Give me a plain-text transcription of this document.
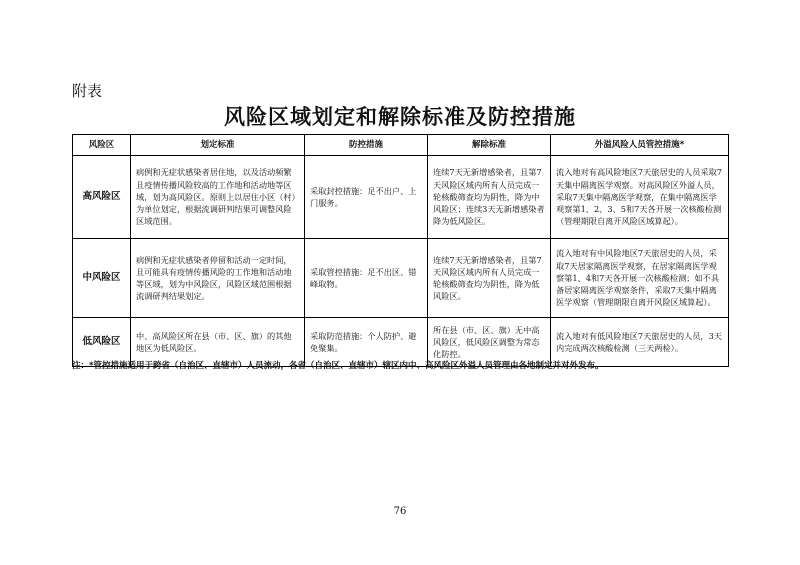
附表
风险区域划定和解除标准及防控措施
风险区	划定标准	防控措施	解除标准	外溢风险人员管控措施*
高风险区	病例和无症状感染者居住地，以及活动频繁且疫情传播风险较高的工作地和活动地等区域，划为高风险区。原则上以居住小区（村）为单位划定，根据流调研判结果可调整风险区域范围。	采取封控措施：足不出户、上门服务。	连续7天无新增感染者，且第7天风险区域内所有人员完成一轮核酸筛查均为阴性，降为中风险区；连续3天无新增感染者降为低风险区。	流入地对有高风险地区7天旅居史的人员采取7天集中隔离医学观察。对高风险区外溢人员，采取7天集中隔离医学观察，在集中隔离医学观察第1、2、3、5和7天各开展一次核酸检测（管理期限自离开风险区域算起）。
中风险区	病例和无症状感染者停留和活动一定时间，且可能具有疫情传播风险的工作地和活动地等区域，划为中风险区，风险区域范围根据流调研判结果划定。	采取管控措施：足不出区、错峰取物。	连续7天无新增感染者，且第7天风险区域内所有人员完成一轮核酸筛查均为阴性，降为低风险区。	流入地对有中风险地区7天旅居史的人员，采取7天居家隔离医学观察，在居家隔离医学观察第1、4和7天各开展一次核酸检测；如不具备居家隔离医学观察条件，采取7天集中隔离医学观察（管理期限自离开风险区域算起）。
低风险区	中、高风险区所在县（市、区、旗）的其他地区为低风险区。	采取防范措施：个人防护、避免聚集。	所在县（市、区、旗）无中高风险区，低风险区调整为常态化防控。	流入地对有低风险地区7天旅居史的人员，3天内完成两次核酸检测（三天两检）。
注：*管控措施适用于跨省（自治区、直辖市）人员流动，各省（自治区、直辖市）辖区内中、高风险区外溢人员管理由各地制定并对外发布。
76
